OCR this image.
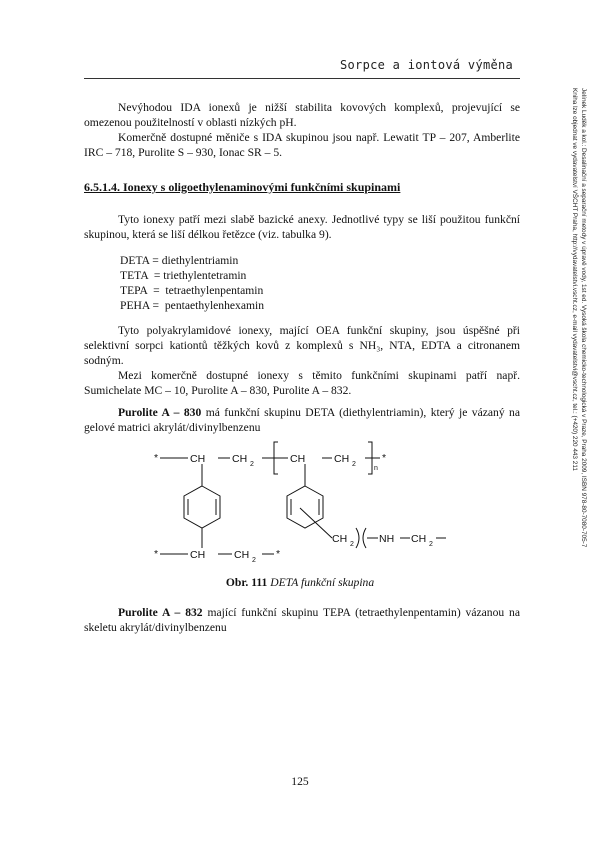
Sorpce a iontová výměna
Jelínek Luděk a kol.: Desalinační a separační metody v úpravě vody, 1st ed. Vysoká škola chemicko-technologická v Praze, Praha 2009, ISBN 978-80-7080-705-7
Kniha lze objednat ve vydavatelství VŠCHT Praha, http://vydavatelstvi.vscht.cz, e-mail vydavatelstvi@vscht.cz, tel.: (+420) 220 443 211

Nevýhodou IDA ionexů je nižší stabilita kovových komplexů, projevující se omezenou použitelností v oblasti nízkých pH.

Komerčně dostupné měniče s IDA skupinou jsou např. Lewatit TP – 207, Amberlite IRC – 718, Purolite S – 930, Ionac SR – 5.

6.5.1.4. Ionexy s oligoethylenaminovými funkčními skupinami

Tyto ionexy patří mezi slabě bazické anexy. Jednotlivé typy se liší použitou funkční skupinou, která se liší délkou řetězce (viz. tabulka 9).

DETA = diethylentriamin
TETA  = triethylentetramin
TEPA  =  tetraethylenpentamin
PEHA =  pentaethylenhexamin

Tyto polyakrylamidové ionexy, mající OEA funkční skupiny, jsou úspěšné při selektivní sorpci kationtů těžkých kovů z komplexů s NH₃, NTA, EDTA a citronanem sodným.

Mezi komerčně dostupné ionexy s těmito funkčními skupinami patří např. Sumichelate MC – 10, Purolite A – 830, Purolite A – 832.

Purolite A – 830 má funkční skupinu DETA (diethylentriamin), který je vázaný na gelové matrici akrylát/divinylbenzenu

*	CH	CH 2	CH	CH 2
n
*
*	CH	CH 2
*
CH 2 NH CH 2
Obr. 111 DETA funkční skupina

Purolite A – 832 mající funkční skupinu TEPA (tetraethylenpentamin) vázanou na skeletu akrylát/divinylbenzenu

125
